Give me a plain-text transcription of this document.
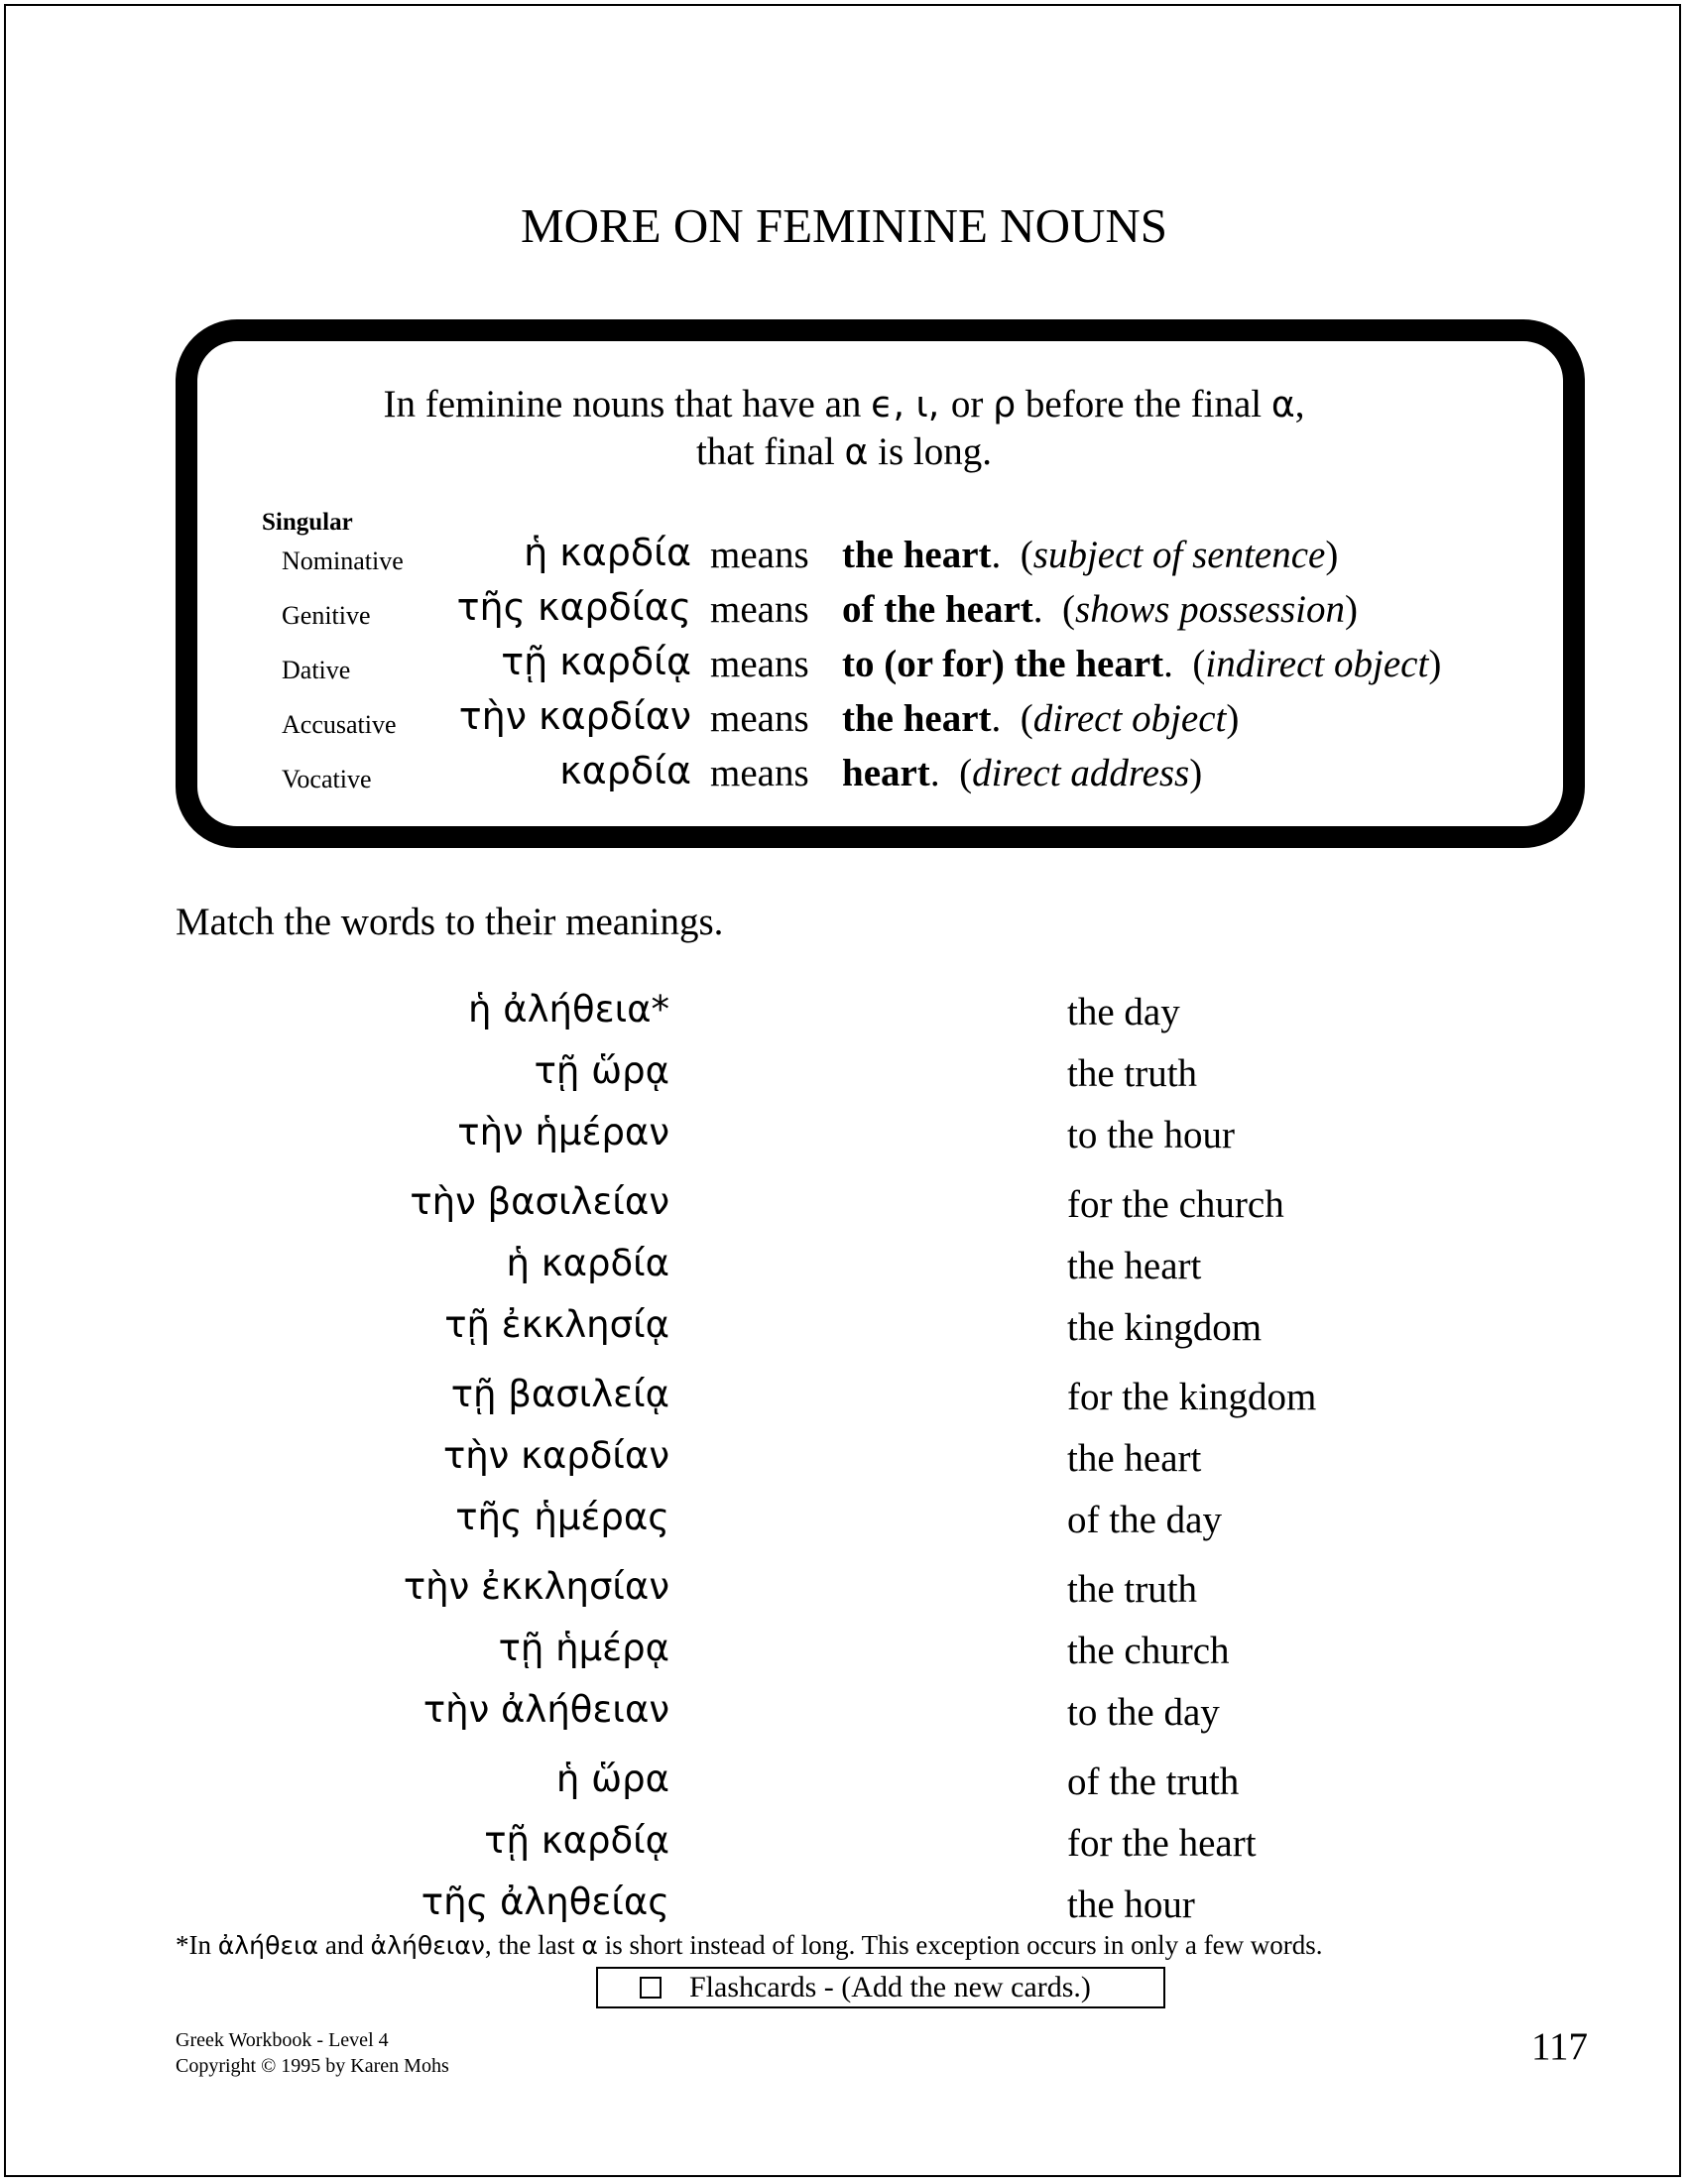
MORE ON FEMININE NOUNS
In feminine nouns that have an ϵ, ι, or ρ before the final α,
that final α is long.
Singular
Nominative	ἡ καρδία means the heart.  (subject of sentence)
Genitive τῆς καρδίας means of the heart.  (shows possession)
Dative	τῇ καρδίᾳ means to (or for) the heart.  (indirect object)
Accusative τὴν καρδίαν means the heart.  (direct object)
Vocative	καρδία means heart.  (direct address)
Match the words to their meanings.
ἡ ἀλήθεια*	the day
τῇ ὥρᾳ	the truth
τὴν ἡμέραν	to the hour
τὴν βασιλείαν	for the church
ἡ καρδία	the heart
τῇ ἐκκλησίᾳ	the kingdom
τῇ βασιλείᾳ	for the kingdom
τὴν καρδίαν	the heart
τῆς ἡμέρας	of the day
τὴν ἐκκλησίαν	the truth
τῇ ἡμέρᾳ	the church
τὴν ἀλήθειαν	to the day
ἡ ὥρα	of the truth
τῇ καρδίᾳ	for the heart
τῆς ἀληθείας	the hour
*In ἀλήθεια and ἀλήθειαν, the last α is short instead of long. This exception occurs in only a few words.
Flashcards - (Add the new cards.)
Greek Workbook - Level 4
Copyright © 1995 by Karen Mohs	117
